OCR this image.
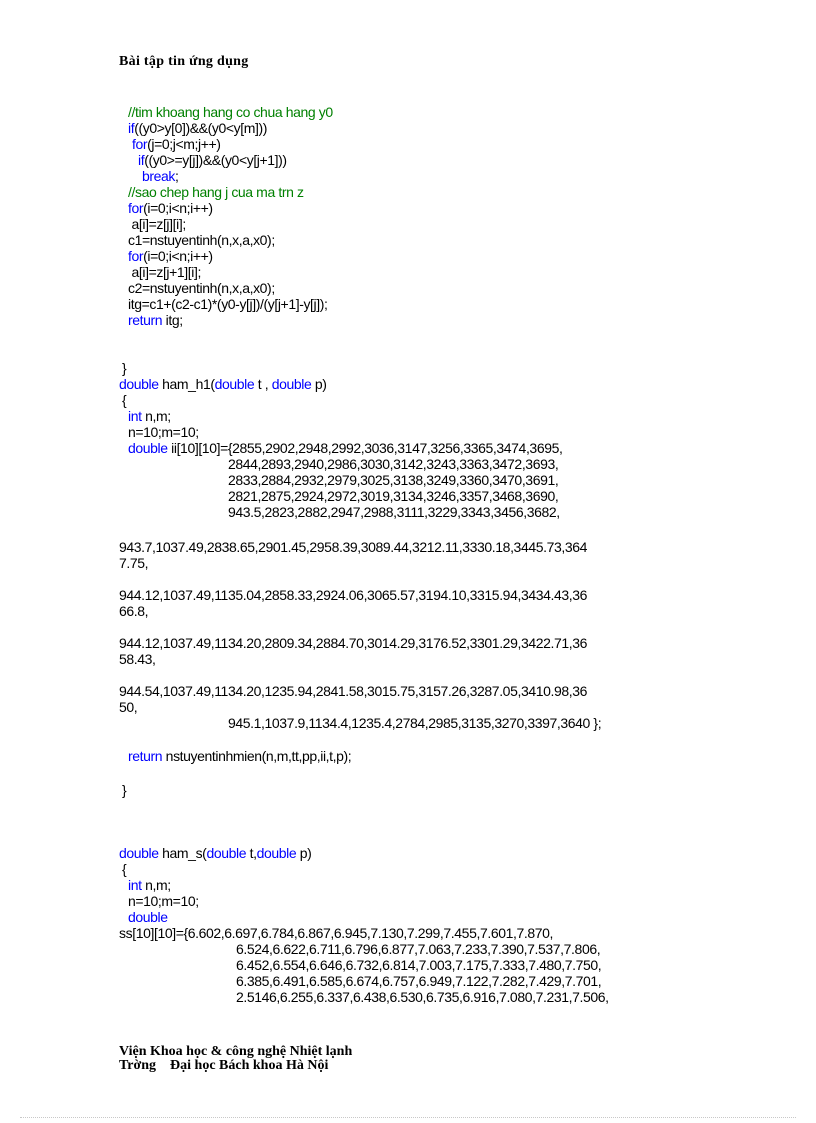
Bài tập tin ứng dụng
//tim khoang hang co chua hang y0
if((y0>y[0])&&(y0<y[m]))
for(j=0;j<m;j++)
if((y0>=y[j])&&(y0<y[j+1]))
break;
//sao chep hang j cua ma trn z
for(i=0;i<n;i++)
a[i]=z[j][i];
c1=nstuyentinh(n,x,a,x0);
for(i=0;i<n;i++)
a[i]=z[j+1][i];
c2=nstuyentinh(n,x,a,x0);
itg=c1+(c2-c1)*(y0-y[j])/(y[j+1]-y[j]);
return itg;
}
double ham_h1(double t , double p)
{
int n,m;
n=10;m=10;
double ii[10][10]={2855,2902,2948,2992,3036,3147,3256,3365,3474,3695,
2844,2893,2940,2986,3030,3142,3243,3363,3472,3693,
2833,2884,2932,2979,3025,3138,3249,3360,3470,3691,
2821,2875,2924,2972,3019,3134,3246,3357,3468,3690,
943.5,2823,2882,2947,2988,3111,3229,3343,3456,3682,
943.7,1037.49,2838.65,2901.45,2958.39,3089.44,3212.11,3330.18,3445.73,364
7.75,
944.12,1037.49,1135.04,2858.33,2924.06,3065.57,3194.10,3315.94,3434.43,36
66.8,
944.12,1037.49,1134.20,2809.34,2884.70,3014.29,3176.52,3301.29,3422.71,36
58.43,
944.54,1037.49,1134.20,1235.94,2841.58,3015.75,3157.26,3287.05,3410.98,36
50,
945.1,1037.9,1134.4,1235.4,2784,2985,3135,3270,3397,3640 };
return nstuyentinhmien(n,m,tt,pp,ii,t,p);
}
double ham_s(double t,double p)
{
int n,m;
n=10;m=10;
double
ss[10][10]={6.602,6.697,6.784,6.867,6.945,7.130,7.299,7.455,7.601,7.870,
6.524,6.622,6.711,6.796,6.877,7.063,7.233,7.390,7.537,7.806,
6.452,6.554,6.646,6.732,6.814,7.003,7.175,7.333,7.480,7.750,
6.385,6.491,6.585,6.674,6.757,6.949,7.122,7.282,7.429,7.701,
2.5146,6.255,6.337,6.438,6.530,6.735,6.916,7.080,7.231,7.506,
Viện Khoa học & công nghệ Nhiệt lạnh
Trờng    Đại học Bách khoa Hà Nội
